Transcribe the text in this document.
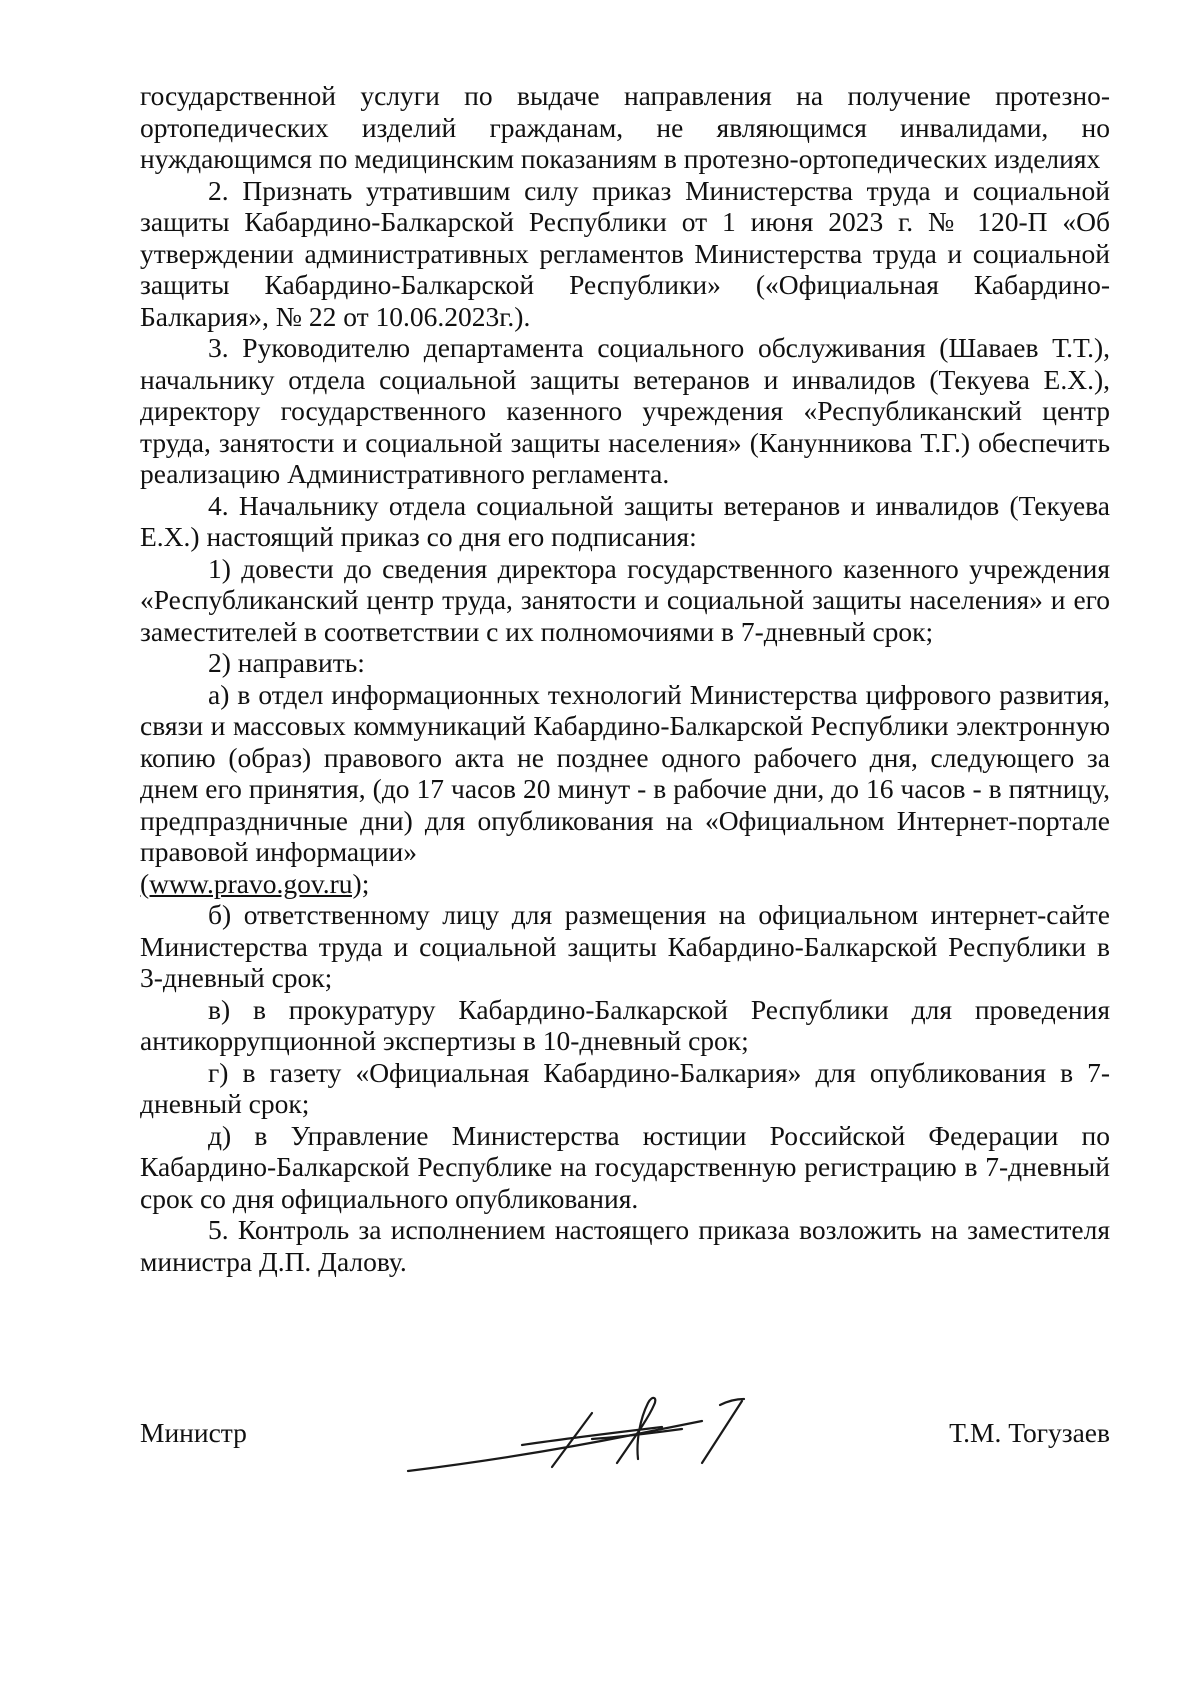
государственной услуги по выдаче направления на получение протезно-ортопедических изделий гражданам, не являющимся инвалидами, но нуждающимся по медицинским показаниям в протезно-ортопедических изделиях

2. Признать утратившим силу приказ Министерства труда и социальной защиты Кабардино-Балкарской Республики от 1 июня 2023 г. № 120-П «Об утверждении административных регламентов Министерства труда и социальной защиты Кабардино-Балкарской Республики» («Официальная Кабардино-Балкария», № 22 от 10.06.2023г.).

3. Руководителю департамента социального обслуживания (Шаваев Т.Т.), начальнику отдела социальной защиты ветеранов и инвалидов (Текуева Е.Х.), директору государственного казенного учреждения «Республиканский центр труда, занятости и социальной защиты населения» (Канунникова Т.Г.) обеспечить реализацию Административного регламента.

4. Начальнику отдела социальной защиты ветеранов и инвалидов (Текуева Е.Х.) настоящий приказ со дня его подписания:

1) довести до сведения директора государственного казенного учреждения «Республиканский центр труда, занятости и социальной защиты населения» и его заместителей в соответствии с их полномочиями в 7-дневный срок;

2) направить:

а) в отдел информационных технологий Министерства цифрового развития, связи и массовых коммуникаций Кабардино-Балкарской Республики электронную копию (образ) правового акта не позднее одного рабочего дня, следующего за днем его принятия, (до 17 часов 20 минут - в рабочие дни, до 16 часов - в пятницу, предпраздничные дни) для опубликования на «Официальном Интернет-портале правовой информации»

(www.pravo.gov.ru);

б) ответственному лицу для размещения на официальном интернет-сайте Министерства труда и социальной защиты Кабардино-Балкарской Республики в 3-дневный срок;

в) в прокуратуру Кабардино-Балкарской Республики для проведения антикоррупционной экспертизы в 10-дневный срок;

г) в газету «Официальная Кабардино-Балкария» для опубликования в 7-дневный срок;

д) в Управление Министерства юстиции Российской Федерации по Кабардино-Балкарской Республике на государственную регистрацию в 7-дневный срок со дня официального опубликования.

5. Контроль за исполнением настоящего приказа возложить на заместителя министра Д.П. Далову.

Министр	Т.М. Тогузаев
